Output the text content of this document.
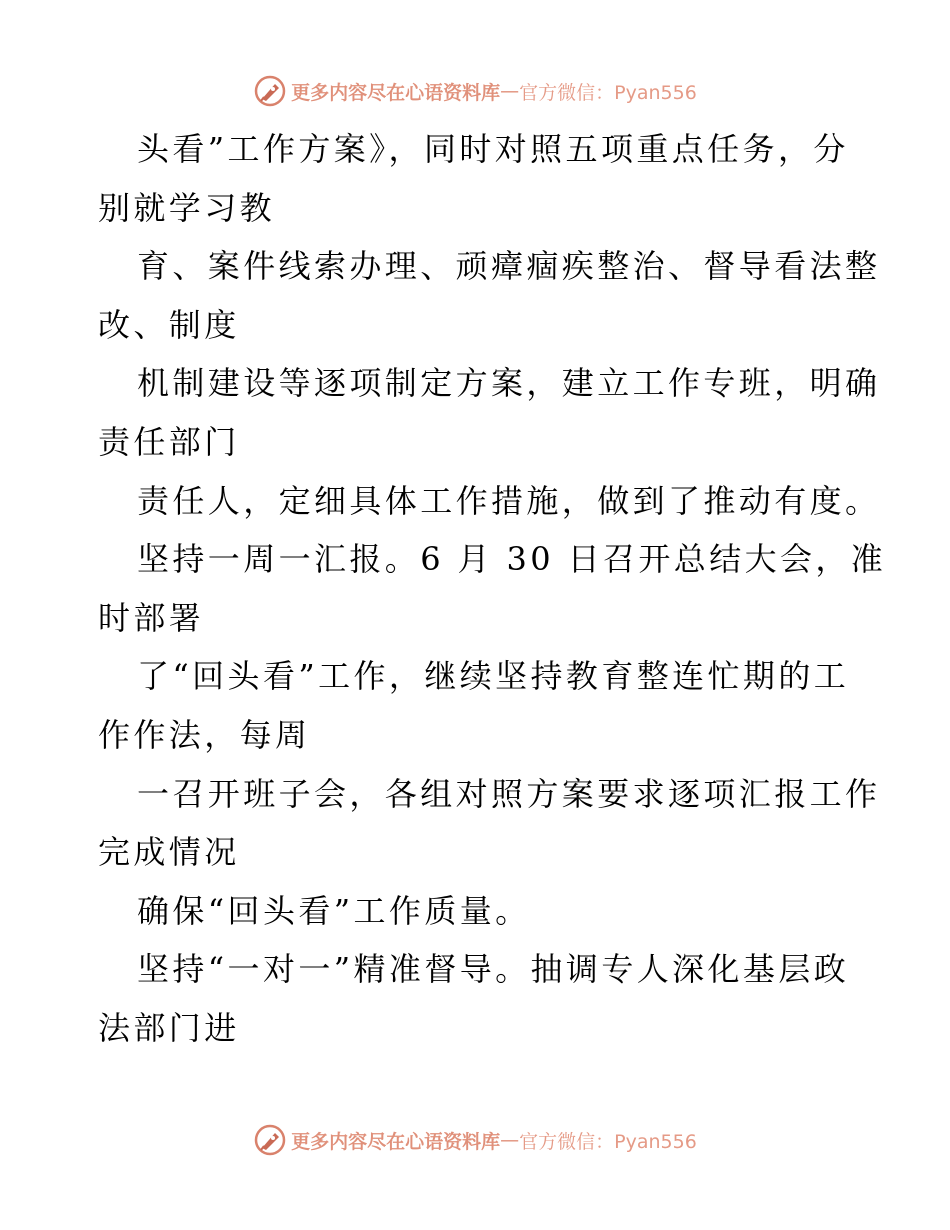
更多内容尽在心语资料库 — 官方微信：Pyan556

头看”工作方案》，同时对照五项重点任务，分

别就学习教

育、案件线索办理、顽瘴痼疾整治、督导看法整

改、制度

机制建设等逐项制定方案，建立工作专班，明确

责任部门

责任人，定细具体工作措施，做到了推动有度。

坚持一周一汇报。6 月 30 日召开总结大会，准

时部署

了“回头看”工作，继续坚持教育整连忙期的工

作作法，每周

一召开班子会，各组对照方案要求逐项汇报工作

完成情况

确保“回头看”工作质量。

坚持“一对一”精准督导。抽调专人深化基层政

法部门进

更多内容尽在心语资料库 — 官方微信：Pyan556
